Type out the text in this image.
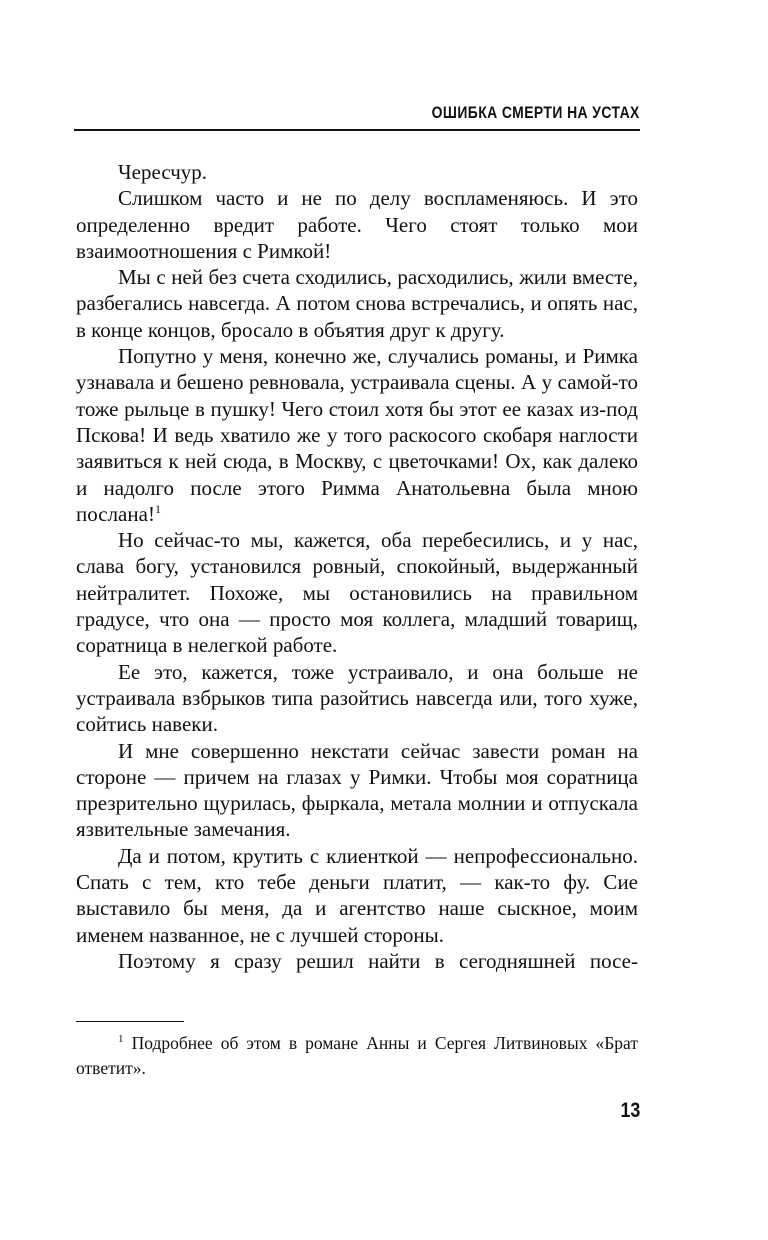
ОШИБКА СМЕРТИ НА УСТАХ

Чересчур.

Слишком часто и не по делу воспламеняюсь. И это определенно вредит работе. Чего стоят только мои взаимоотношения с Римкой!

Мы с ней без счета сходились, расходились, жили вместе, разбегались навсегда. А потом снова встречались, и опять нас, в конце концов, бросало в объятия друг к другу.

Попутно у меня, конечно же, случались романы, и Римка узнавала и бешено ревновала, устраивала сцены. А у самой-то тоже рыльце в пушку! Чего стоил хотя бы этот ее казах из-под Пскова! И ведь хватило же у того раскосого скобаря наглости заявиться к ней сюда, в Москву, с цветочками! Ох, как далеко и надолго после этого Римма Анатольевна была мною послана!$^1$

Но сейчас-то мы, кажется, оба перебесились, и у нас, слава богу, установился ровный, спокойный, выдержанный нейтралитет. Похоже, мы остановились на правильном градусе, что она — просто моя коллега, младший товарищ, соратница в нелегкой работе.

Ее это, кажется, тоже устраивало, и она больше не устраивала взбрыков типа разойтись навсегда или, того хуже, сойтись навеки.

И мне совершенно некстати сейчас завести роман на стороне — причем на глазах у Римки. Чтобы моя соратница презрительно щурилась, фыркала, метала молнии и отпускала язвительные замечания.

Да и потом, крутить с клиенткой — непрофессионально. Спать с тем, кто тебе деньги платит, — как-то фу. Сие выставило бы меня, да и агентство наше сыскное, моим именем названное, не с лучшей стороны.

Поэтому я сразу решил найти в сегодняшней посе-

$^1$ Подробнее об этом в романе Анны и Сергея Литвиновых «Брат ответит».

13
